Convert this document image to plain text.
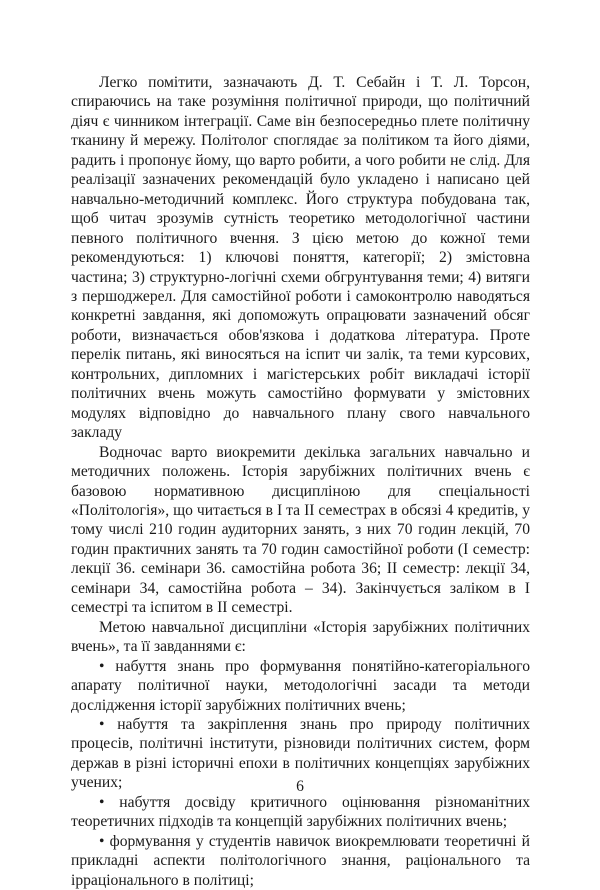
Легко помітити, зазначають Д. Т. Себайн і Т. Л. Торсон, спираючись на таке розуміння політичної природи, що політичний діяч є чинником інтеграції. Саме він безпосередньо плете політичну тканину й мережу. Політолог споглядає за політиком та його діями, радить і пропонує йому, що варто робити, а чого робити не слід. Для реалізації зазначених рекомендацій було укладено і написано цей навчально-методичний комплекс. Його структура побудована так, щоб читач зрозумів сутність теоретико методологічної частини певного політичного вчення. З цією метою до кожної теми рекомендуються: 1) ключові поняття, категорії; 2) змістовна частина; 3) структурно-логічні схеми обгрунтування теми; 4) витяги з першоджерел. Для самостійної роботи і самоконтролю наводяться конкретні завдання, які допоможуть опрацювати зазначений обсяг роботи, визначається обов'язкова і додаткова література. Проте перелік питань, які виносяться на іспит чи залік, та теми курсових, контрольних, дипломних і магістерських робіт викладачі історії політичних вчень можуть самостійно формувати у змістовних модулях відповідно до навчального плану свого навчального закладу

Водночас варто виокремити декілька загальних навчально и методичних положень. Історія зарубіжних політичних вчень є базовою нормативною дисципліною для спеціальності «Політологія», що читається в І та ІІ семестрах в обсязі 4 кредитів, у тому числі 210 годин аудиторних занять, з них 70 годин лекцій, 70 годин практичних занять та 70 годин самостійної роботи (І семестр: лекції 36. семінари 36. самостійна робота 36; ІІ семестр: лекції 34, семінари 34, самостійна робота – 34). Закінчується заліком в І семестрі та іспитом в ІІ семестрі.

Метою навчальної дисципліни «Історія зарубіжних політичних вчень», та її завданнями є:

• набуття знань про формування понятійно-категоріального апарату політичної науки, методологічні засади та методи дослідження історії зарубіжних політичних вчень;

• набуття та закріплення знань про природу політичних процесів, політичні інститути, різновиди політичних систем, форм держав в різні історичні епохи в політичних концепціях зарубіжних учених;

• набуття досвіду критичного оцінювання різноманітних теоретичних підходів та концепцій зарубіжних політичних вчень;

• формування у студентів навичок виокремлювати теоретичні й прикладні аспекти політологічного знання, раціонального та ірраціонального в політиці;

6
